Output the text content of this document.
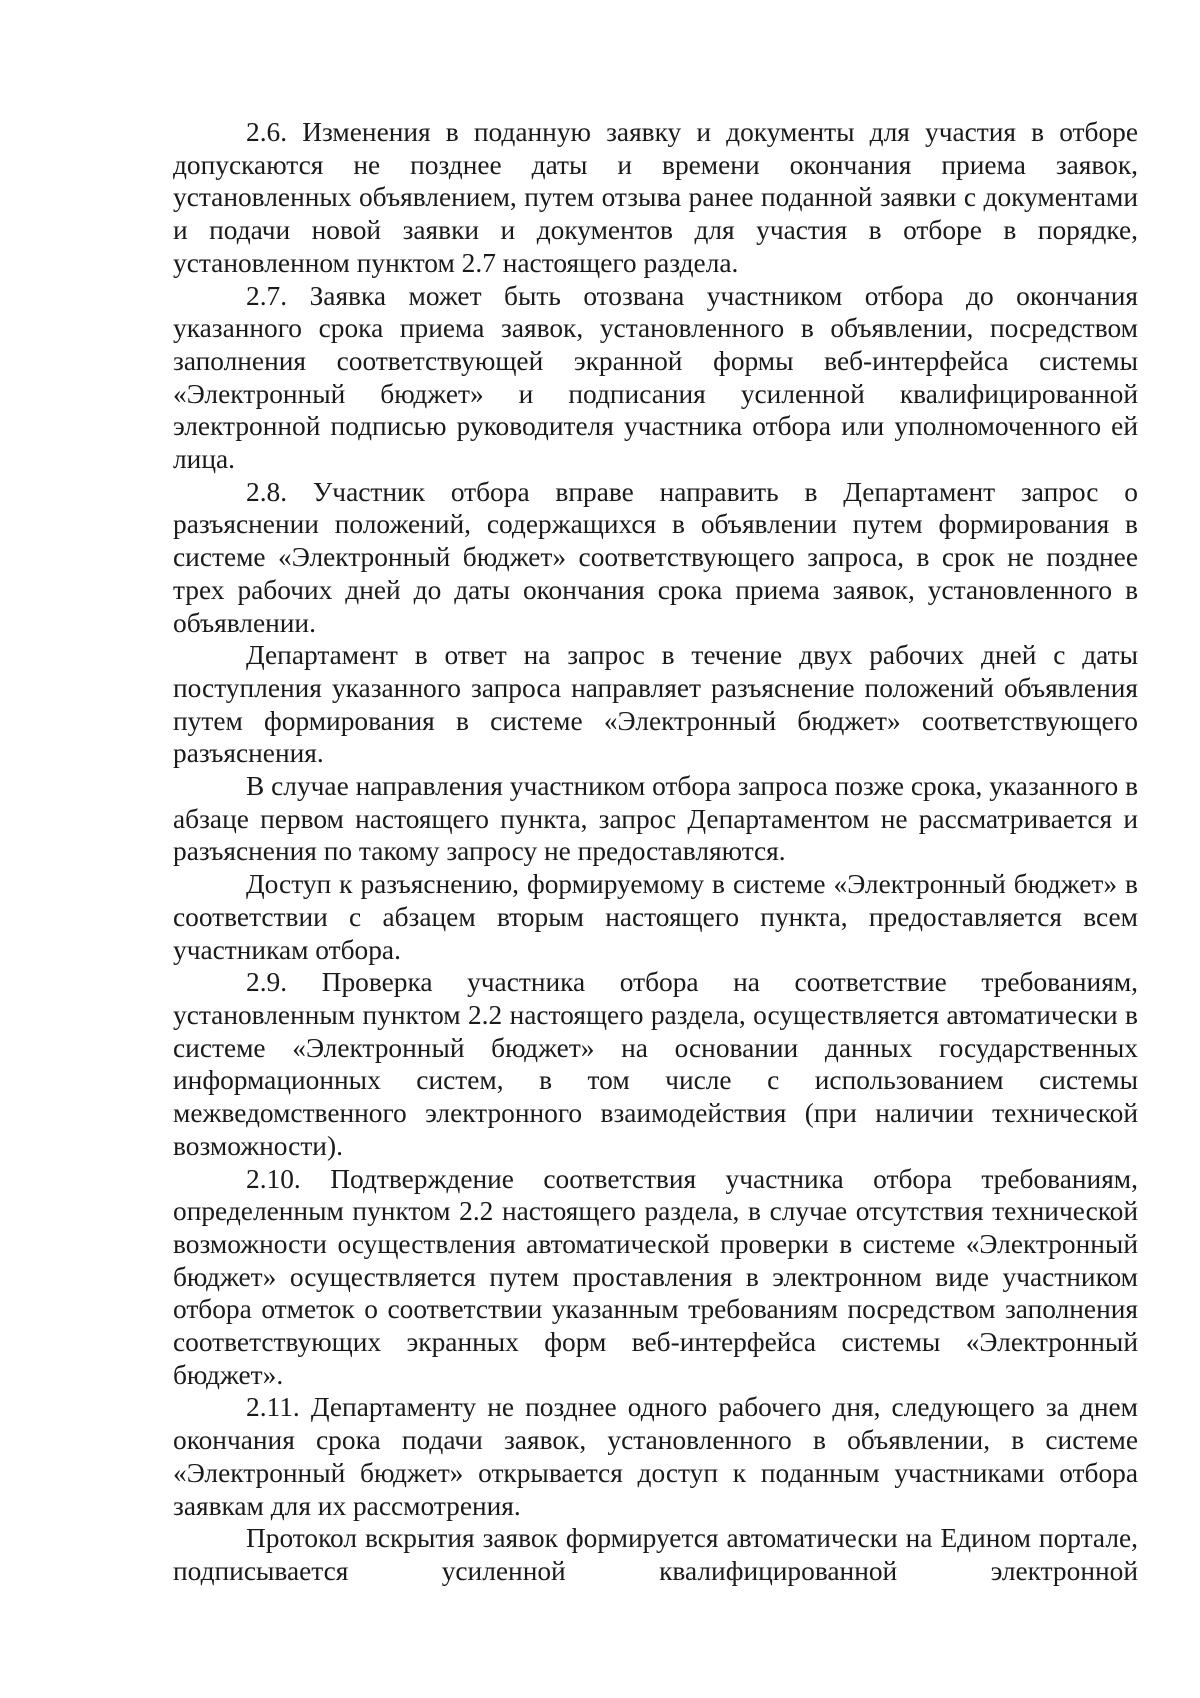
2.6. Изменения в поданную заявку и документы для участия в отборе допускаются не позднее даты и времени окончания приема заявок, установленных объявлением, путем отзыва ранее поданной заявки с документами и подачи новой заявки и документов для участия в отборе в порядке, установленном пунктом 2.7 настоящего раздела.

2.7. Заявка может быть отозвана участником отбора до окончания указанного срока приема заявок, установленного в объявлении, посредством заполнения соответствующей экранной формы веб-интерфейса системы «Электронный бюджет» и подписания усиленной квалифицированной электронной подписью руководителя участника отбора или уполномоченного ей лица.

2.8. Участник отбора вправе направить в Департамент запрос о разъяснении положений, содержащихся в объявлении путем формирования в системе «Электронный бюджет» соответствующего запроса, в срок не позднее трех рабочих дней до даты окончания срока приема заявок, установленного в объявлении.

Департамент в ответ на запрос в течение двух рабочих дней с даты поступления указанного запроса направляет разъяснение положений объявления путем формирования в системе «Электронный бюджет» соответствующего разъяснения.

В случае направления участником отбора запроса позже срока, указанного в абзаце первом настоящего пункта, запрос Департаментом не рассматривается и разъяснения по такому запросу не предоставляются.

Доступ к разъяснению, формируемому в системе «Электронный бюджет» в соответствии с абзацем вторым настоящего пункта, предоставляется всем участникам отбора.

2.9. Проверка участника отбора на соответствие требованиям, установленным пунктом 2.2 настоящего раздела, осуществляется автоматически в системе «Электронный бюджет» на основании данных государственных информационных систем, в том числе с использованием системы межведомственного электронного взаимодействия (при наличии технической возможности).

2.10. Подтверждение соответствия участника отбора требованиям, определенным пунктом 2.2 настоящего раздела, в случае отсутствия технической возможности осуществления автоматической проверки в системе «Электронный бюджет» осуществляется путем проставления в электронном виде участником отбора отметок о соответствии указанным требованиям посредством заполнения соответствующих экранных форм веб-интерфейса системы «Электронный бюджет».

2.11. Департаменту не позднее одного рабочего дня, следующего за днем окончания срока подачи заявок, установленного в объявлении, в системе «Электронный бюджет» открывается доступ к поданным участниками отбора заявкам для их рассмотрения.

Протокол вскрытия заявок формируется автоматически на Едином портале, подписывается усиленной квалифицированной электронной
